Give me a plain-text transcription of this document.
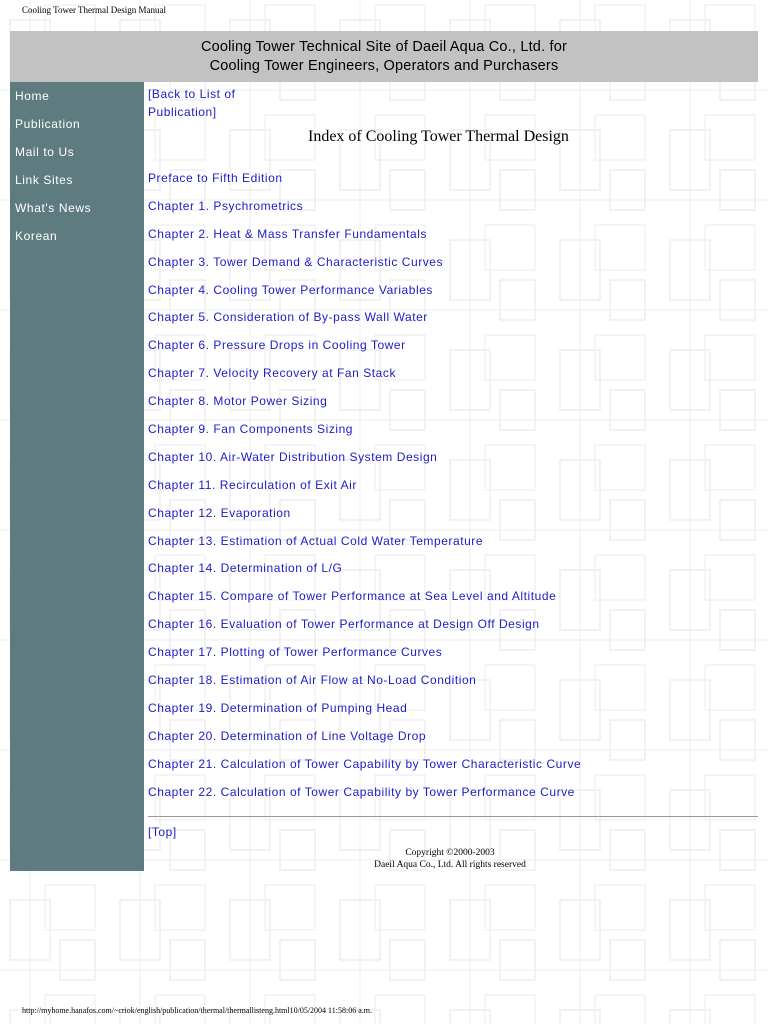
Cooling Tower Thermal Design Manual
Cooling Tower Technical Site of Daeil Aqua Co., Ltd. for
Cooling Tower Engineers, Operators and Purchasers
Home
Publication
Mail to Us
Link Sites
What's News
Korean
[Back to List of Publication]
Index of Cooling Tower Thermal Design
Preface to Fifth Edition
Chapter 1. Psychrometrics
Chapter 2. Heat & Mass Transfer Fundamentals
Chapter 3. Tower Demand & Characteristic Curves
Chapter 4. Cooling Tower Performance Variables
Chapter 5. Consideration of By-pass Wall Water
Chapter 6. Pressure Drops in Cooling Tower
Chapter 7. Velocity Recovery at Fan Stack
Chapter 8. Motor Power Sizing
Chapter 9. Fan Components Sizing
Chapter 10. Air-Water Distribution System Design
Chapter 11. Recirculation of Exit Air
Chapter 12. Evaporation
Chapter 13. Estimation of Actual Cold Water Temperature
Chapter 14. Determination of L/G
Chapter 15. Compare of Tower Performance at Sea Level and Altitude
Chapter 16. Evaluation of Tower Performance at Design Off Design
Chapter 17. Plotting of Tower Performance Curves
Chapter 18. Estimation of Air Flow at No-Load Condition
Chapter 19. Determination of Pumping Head
Chapter 20. Determination of Line Voltage Drop
Chapter 21. Calculation of Tower Capability by Tower Characteristic Curve
Chapter 22. Calculation of Tower Capability by Tower Performance Curve
[Top]
Copyright ©2000-2003
Daeil Aqua Co., Ltd. All rights reserved
http://myhome.hanafos.com/~criok/english/publication/thermal/thermallisteng.html10/05/2004 11:58:06 a.m.
